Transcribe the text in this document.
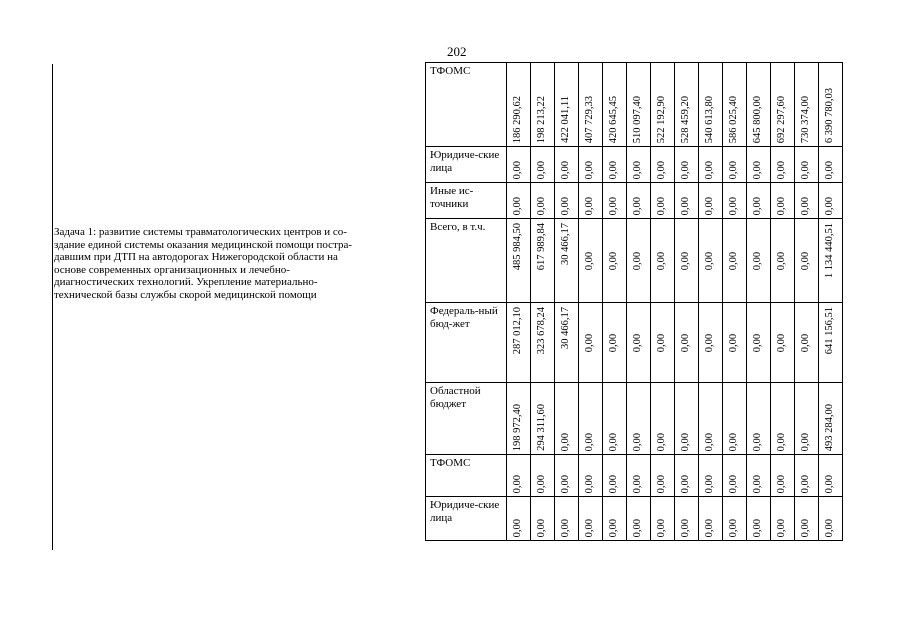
202
Задача 1: развитие системы травматологических центров и со-
здание единой системы оказания медицинской помощи постра-
давшим при ДТП на автодорогах Нижегородской области на
основе современных организационных и лечебно-
диагностических технологий. Укрепление материально-
технической базы службы скорой медицинской помощи
ТФОМС	186 290,62	198 213,22	422 041,11	407 729,33	420 645,45	510 097,40	522 192,90	528 459,20	540 613,80	586 025,40	645 800,00	692 297,60	730 374,00	6 390 780,03

Юридиче-ские лица	0,00	0,00	0,00	0,00	0,00	0,00	0,00	0,00	0,00	0,00	0,00	0,00	0,00	0,00

Иные ис-точники	0,00	0,00	0,00	0,00	0,00	0,00	0,00	0,00	0,00	0,00	0,00	0,00	0,00	0,00

Всего, в т.ч.	485 984,50	617 989,84	30 466,17	0,00	0,00	0,00	0,00	0,00	0,00	0,00	0,00	0,00	0,00	1 134 440,51

Федераль-ный бюд-жет	287 012,10	323 678,24	30 466,17	0,00	0,00	0,00	0,00	0,00	0,00	0,00	0,00	0,00	0,00	641 156,51

Областной бюджет	198 972,40	294 311,60	0,00	0,00	0,00	0,00	0,00	0,00	0,00	0,00	0,00	0,00	0,00	493 284,00

ТФОМС	0,00	0,00	0,00	0,00	0,00	0,00	0,00	0,00	0,00	0,00	0,00	0,00	0,00	0,00

Юридиче-ские лица	0,00	0,00	0,00	0,00	0,00	0,00	0,00	0,00	0,00	0,00	0,00	0,00	0,00	0,00
